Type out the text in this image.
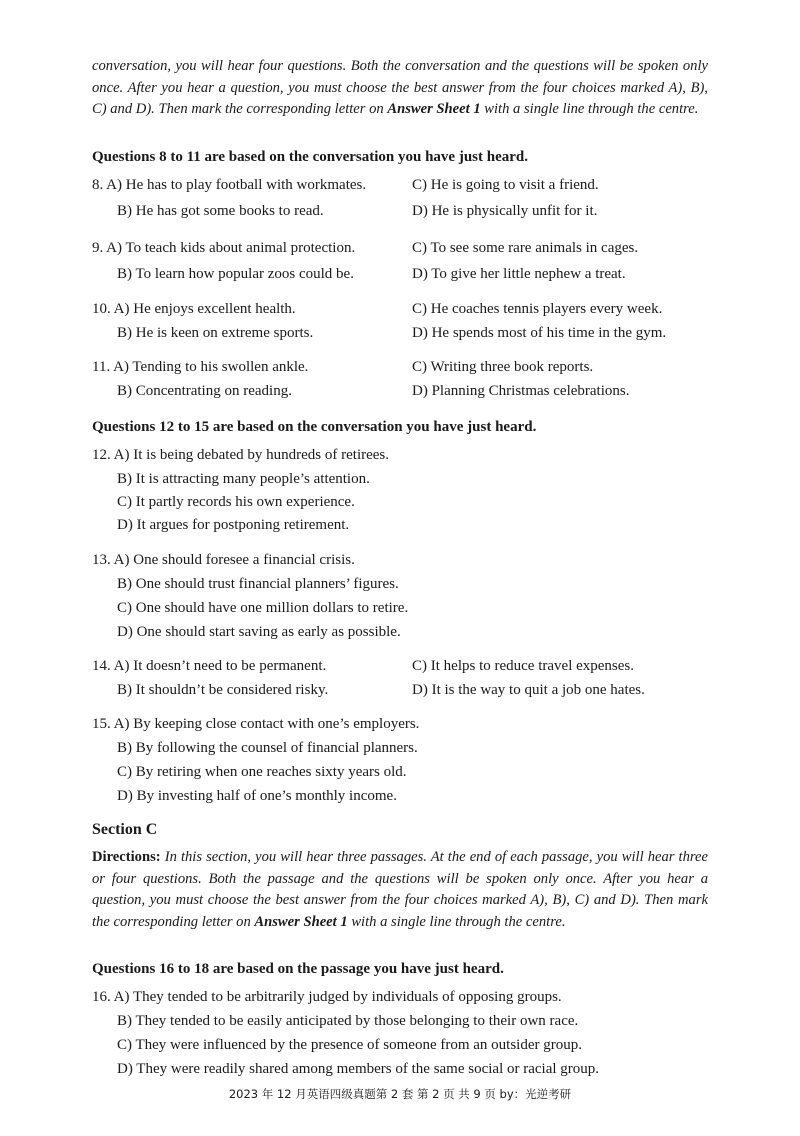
conversation, you will hear four questions. Both the conversation and the questions will be spoken only once. After you hear a question, you must choose the best answer from the four choices marked A), B), C) and D). Then mark the corresponding letter on Answer Sheet 1 with a single line through the centre.
Questions 8 to 11 are based on the conversation you have just heard.
8. A) He has to play football with workmates.	C) He is going to visit a friend.
B) He has got some books to read.	D) He is physically unfit for it.
9. A) To teach kids about animal protection.	C) To see some rare animals in cages.
B) To learn how popular zoos could be.	D) To give her little nephew a treat.
10. A) He enjoys excellent health.	C) He coaches tennis players every week.
B) He is keen on extreme sports.	D) He spends most of his time in the gym.
11. A) Tending to his swollen ankle.	C) Writing three book reports.
B) Concentrating on reading.	D) Planning Christmas celebrations.
Questions 12 to 15 are based on the conversation you have just heard.
12. A) It is being debated by hundreds of retirees.
B) It is attracting many people’s attention.
C) It partly records his own experience.
D) It argues for postponing retirement.
13. A) One should foresee a financial crisis.
B) One should trust financial planners’ figures.
C) One should have one million dollars to retire.
D) One should start saving as early as possible.
14. A) It doesn’t need to be permanent.	C) It helps to reduce travel expenses.
B) It shouldn’t be considered risky.	D) It is the way to quit a job one hates.
15. A) By keeping close contact with one’s employers.
B) By following the counsel of financial planners.
C) By retiring when one reaches sixty years old.
D) By investing half of one’s monthly income.
Section C
Directions: In this section, you will hear three passages. At the end of each passage, you will hear three or four questions. Both the passage and the questions will be spoken only once. After you hear a question, you must choose the best answer from the four choices marked A), B), C) and D). Then mark the corresponding letter on Answer Sheet 1 with a single line through the centre.
Questions 16 to 18 are based on the passage you have just heard.
16. A) They tended to be arbitrarily judged by individuals of opposing groups.
B) They tended to be easily anticipated by those belonging to their own race.
C) They were influenced by the presence of someone from an outsider group.
D) They were readily shared among members of the same social or racial group.
2023 年 12 月英语四级真题第 2 套 第 2 页 共 9 页 by：光逆考研
